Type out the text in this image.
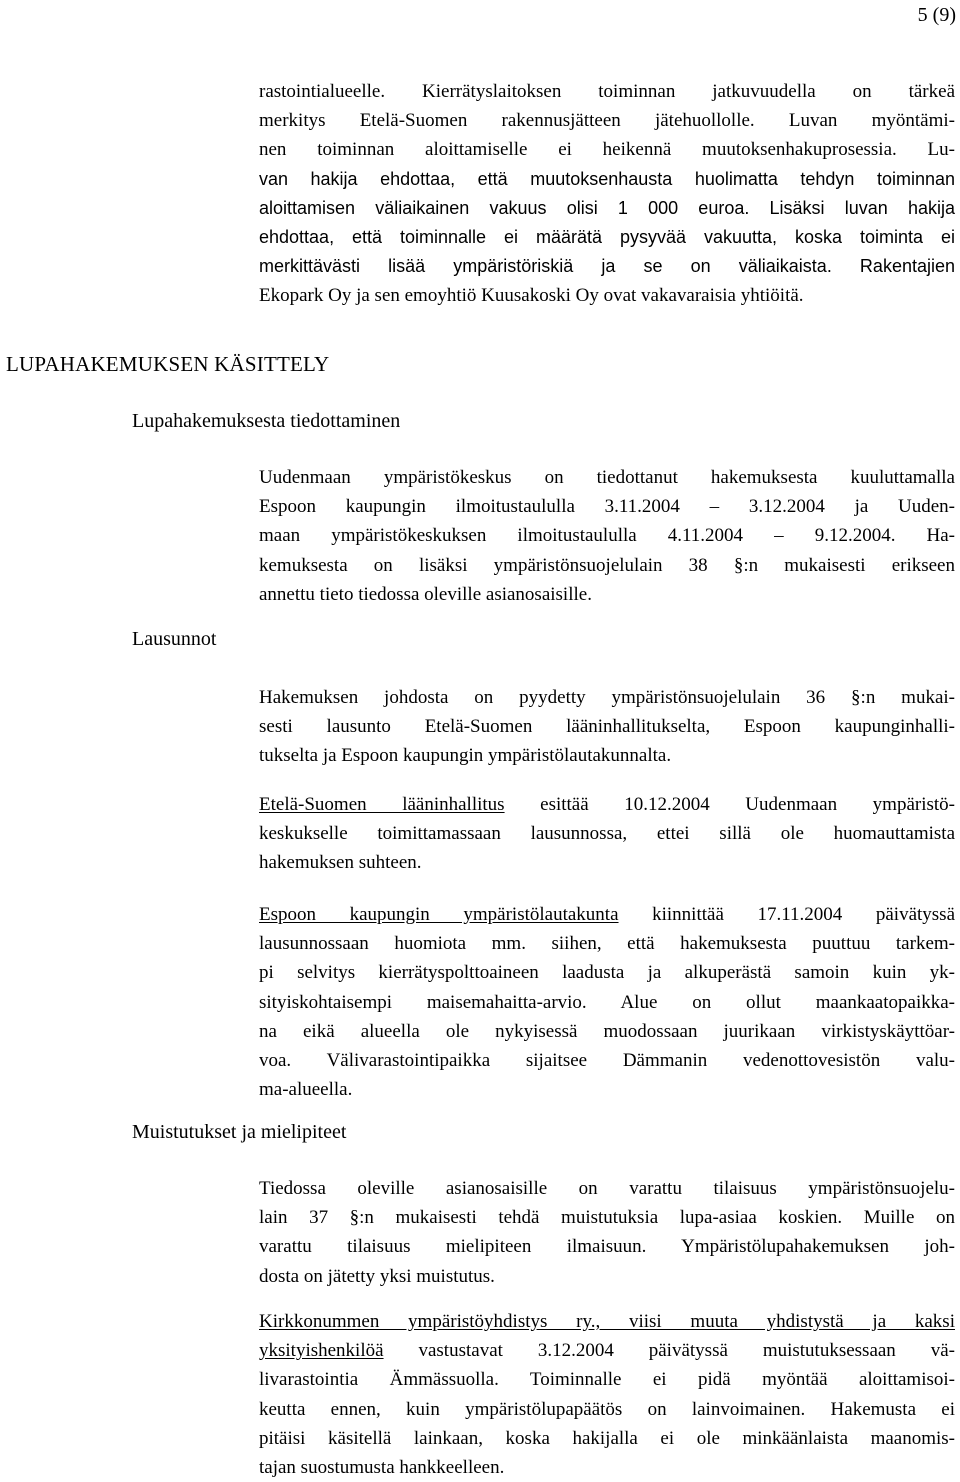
5 (9)
rastointialueelle. Kierrätyslaitoksen toiminnan jatkuvuudella on tärkeä
merkitys Etelä-Suomen rakennusjätteen jätehuollolle. Luvan myöntämi-
nen toiminnan aloittamiselle ei heikennä muutoksenhakuprosessia. Lu-
van hakija ehdottaa, että muutoksenhausta huolimatta tehdyn toiminnan
aloittamisen väliaikainen vakuus olisi 1 000 euroa. Lisäksi luvan hakija
ehdottaa, että toiminnalle ei määrätä pysyvää vakuutta, koska toiminta ei
merkittävästi lisää ympäristöriskiä ja se on väliaikaista. Rakentajien
Ekopark Oy ja sen emoyhtiö Kuusakoski Oy ovat vakavaraisia yhtiöitä.
LUPAHAKEMUKSEN KÄSITTELY
Lupahakemuksesta tiedottaminen
Uudenmaan ympäristökeskus on tiedottanut hakemuksesta kuuluttamalla
Espoon kaupungin ilmoitustaululla 3.11.2004 – 3.12.2004 ja Uuden-
maan ympäristökeskuksen ilmoitustaululla 4.11.2004 – 9.12.2004. Ha-
kemuksesta on lisäksi ympäristönsuojelulain 38 §:n mukaisesti erikseen
annettu tieto tiedossa oleville asianosaisille.
Lausunnot
Hakemuksen johdosta on pyydetty ympäristönsuojelulain 36 §:n mukai-
sesti lausunto Etelä-Suomen lääninhallitukselta, Espoon kaupunginhalli-
tukselta ja Espoon kaupungin ympäristölautakunnalta.
Etelä-Suomen lääninhallitus esittää 10.12.2004 Uudenmaan ympäristö-
keskukselle toimittamassaan lausunnossa, ettei sillä ole huomauttamista
hakemuksen suhteen.
Espoon kaupungin ympäristölautakunta kiinnittää 17.11.2004 päivätyssä
lausunnossaan huomiota mm. siihen, että hakemuksesta puuttuu tarkem-
pi selvitys kierrätyspolttoaineen laadusta ja alkuperästä samoin kuin yk-
sityiskohtaisempi maisemahaitta-arvio. Alue on ollut maankaatopaikka-
na eikä alueella ole nykyisessä muodossaan juurikaan virkistyskäyttöar-
voa. Välivarastointipaikka sijaitsee Dämmanin vedenottovesistön valu-
ma-alueella.
Muistutukset ja mielipiteet
Tiedossa oleville asianosaisille on varattu tilaisuus ympäristönsuojelu-
lain 37 §:n mukaisesti tehdä muistutuksia lupa-asiaa koskien. Muille on
varattu tilaisuus mielipiteen ilmaisuun. Ympäristölupahakemuksen joh-
dosta on jätetty yksi muistutus.
Kirkkonummen ympäristöyhdistys ry., viisi muuta yhdistystä ja kaksi
yksityishenkilöä vastustavat 3.12.2004 päivätyssä muistutuksessaan vä-
livarastointia Ämmässuolla. Toiminnalle ei pidä myöntää aloittamisoi-
keutta ennen, kuin ympäristölupapäätös on lainvoimainen. Hakemusta ei
pitäisi käsitellä lainkaan, koska hakijalla ei ole minkäänlaista maanomis-
tajan suostumusta hankkeelleen.
